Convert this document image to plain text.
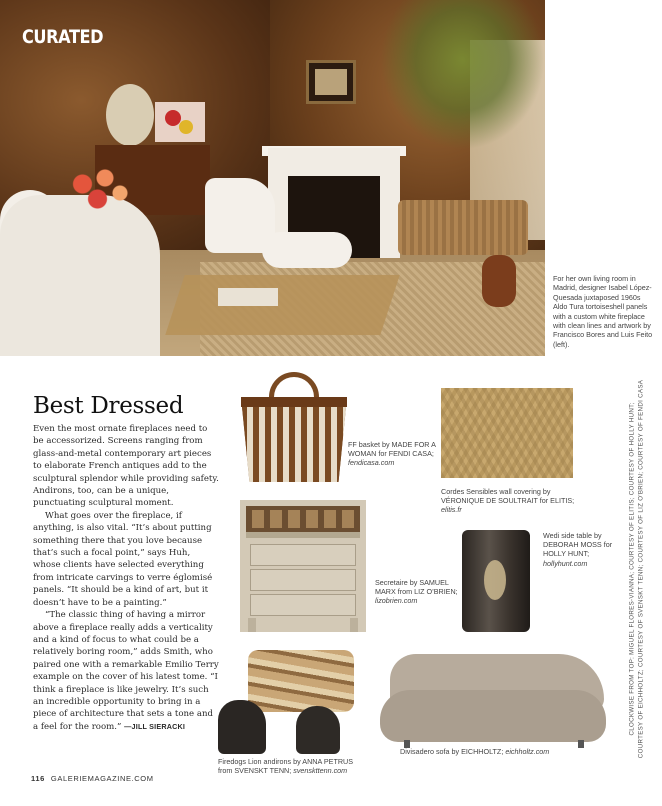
CURATED
For her own living room in Madrid, designer Isabel López-Quesada juxtaposed 1960s Aldo Tura tortoiseshell panels with a custom white fireplace with clean lines and artwork by Francisco Bores and Luis Feito (left).
CLOCKWISE FROM TOP: MIGUEL FLORES-VIANNA; COURTESY OF ELITIS; COURTESY OF HOLLY HUNT; COURTESY OF EICHHOLTZ; COURTESY OF SVENSKT TENN; COURTESY OF LIZ O'BRIEN; COURTESY OF FENDI CASA
Best Dressed

Even the most ornate fireplaces need to be accessorized. Screens ranging from glass-and-metal contemporary art pieces to elaborate French antiques add to the sculptural splendor while providing safety. Andirons, too, can be a unique, punctuating sculptural moment.

What goes over the fireplace, if anything, is also vital. “It’s about putting something there that you love because that’s such a focal point,” says Huh, whose clients have selected everything from intricate carvings to verre églomisé panels. “It should be a kind of art, but it doesn’t have to be a painting.”

“The classic thing of having a mirror above a fireplace really adds a verticality and a kind of focus to what could be a relatively boring room,” adds Smith, who paired one with a remarkable Emilio Terry example on the cover of his latest tome. “I think a fireplace is like jewelry. It’s such an incredible opportunity to bring in a piece of architecture that sets a tone and a feel for the room.” —JILL SIERACKI

116 GALERIEMAGAZINE.COM
FF basket by MADE FOR A WOMAN for FENDI CASA; fendicasa.com
Cordes Sensibles wall covering by VÉRONIQUE DE SOULTRAIT for ELITIS; elitis.fr
Secretaire by SAMUEL MARX from LIZ O’BRIEN; lizobrien.com
Wedi side table by DEBORAH MOSS for HOLLY HUNT; hollyhunt.com
Firedogs Lion andirons by ANNA PETRUS from SVENSKT TENN; svenskttenn.com
Divisadero sofa by EICHHOLTZ; eichholtz.com
